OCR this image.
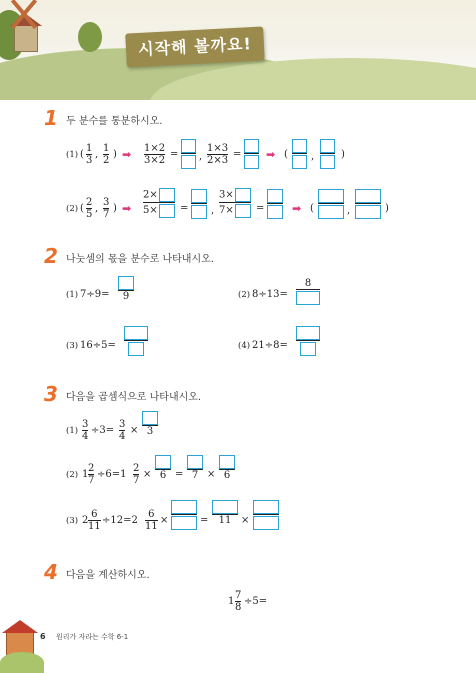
시작해 볼까요!
1 두 분수를 통분하시오.
(1) (
1
3
,
1
2
) ➡ 1×2
3×2
= ,
1×3
2×3
= ➡ ( ,	)
(2) (
2
5
,
3
7
) ➡
2×
5×	= ,
3×
7×	=	➡ (	,	)
2 나눗셈의 몫을 분수로 나타내시오.
(1) 7÷9= 9	(2) 8÷13=
8
(3) 16÷5=	(4) 21÷8=
3 다음을 곱셈식으로 나타내시오.
(1)
3
4
÷3=
3
4
× 3
(2) 1
2
7
÷6=1
2
7
× 6 = 7 × 6
(3) 2
6
11
÷12=2
6
11
×	= 11 ×
4 다음을 계산하시오.
1
7
8
÷5=
6 원리가 자라는 수학 6-1
